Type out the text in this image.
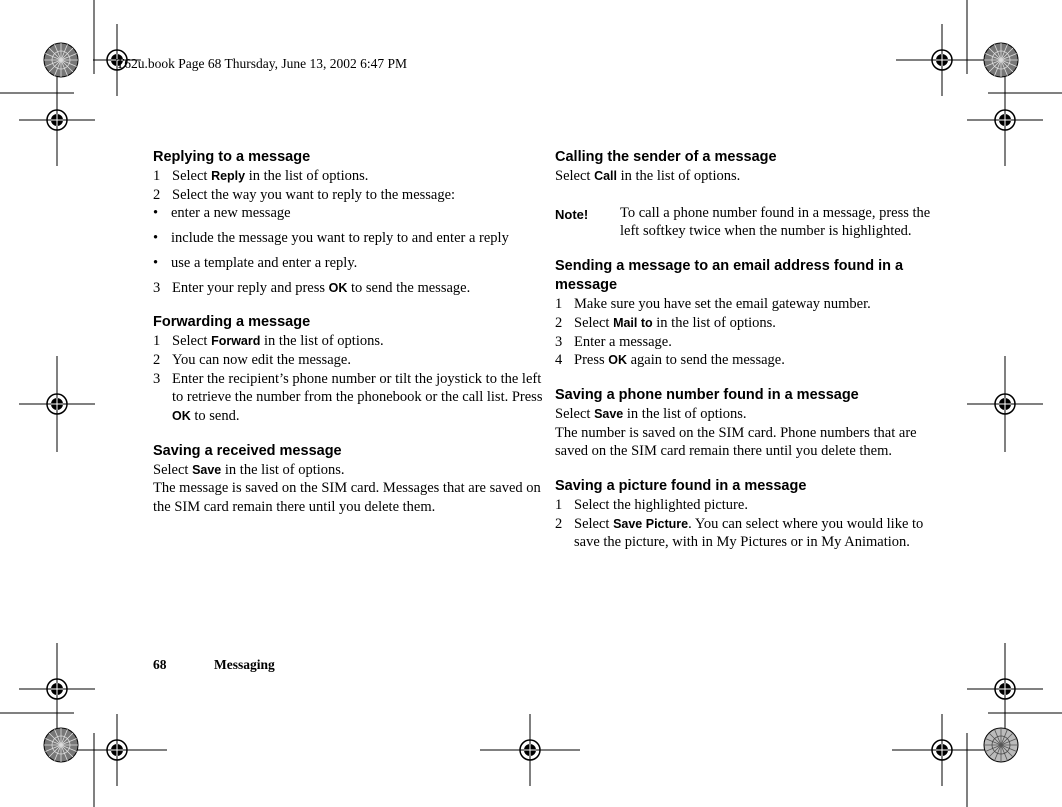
T62u.book Page 68 Thursday, June 13, 2002 6:47 PM
Replying to a message
1 Select Reply in the list of options.
2 Select the way you want to reply to the message:
• enter a new message
• include the message you want to reply to and enter a reply
• use a template and enter a reply.
3 Enter your reply and press OK to send the message.
Forwarding a message
1 Select Forward in the list of options.
2 You can now edit the message.
3 Enter the recipient’s phone number or tilt the joystick to the left to retrieve the number from the phonebook or the call list. Press OK to send.
Saving a received message

Select Save in the list of options.

The message is saved on the SIM card. Messages that are saved on the SIM card remain there until you delete them.

Calling the sender of a message

Select Call in the list of options.

Note!	To call a phone number found in a message, press the left softkey twice when the number is highlighted.
Sending a message to an email address found in a message
1 Make sure you have set the email gateway number.
2 Select Mail to in the list of options.
3 Enter a message.
4 Press OK again to send the message.
Saving a phone number found in a message

Select Save in the list of options.

The number is saved on the SIM card. Phone numbers that are saved on the SIM card remain there until you delete them.

Saving a picture found in a message
1 Select the highlighted picture.
2 Select Save Picture. You can select where you would like to save the picture, with in My Pictures or in My Animation.
68	Messaging
